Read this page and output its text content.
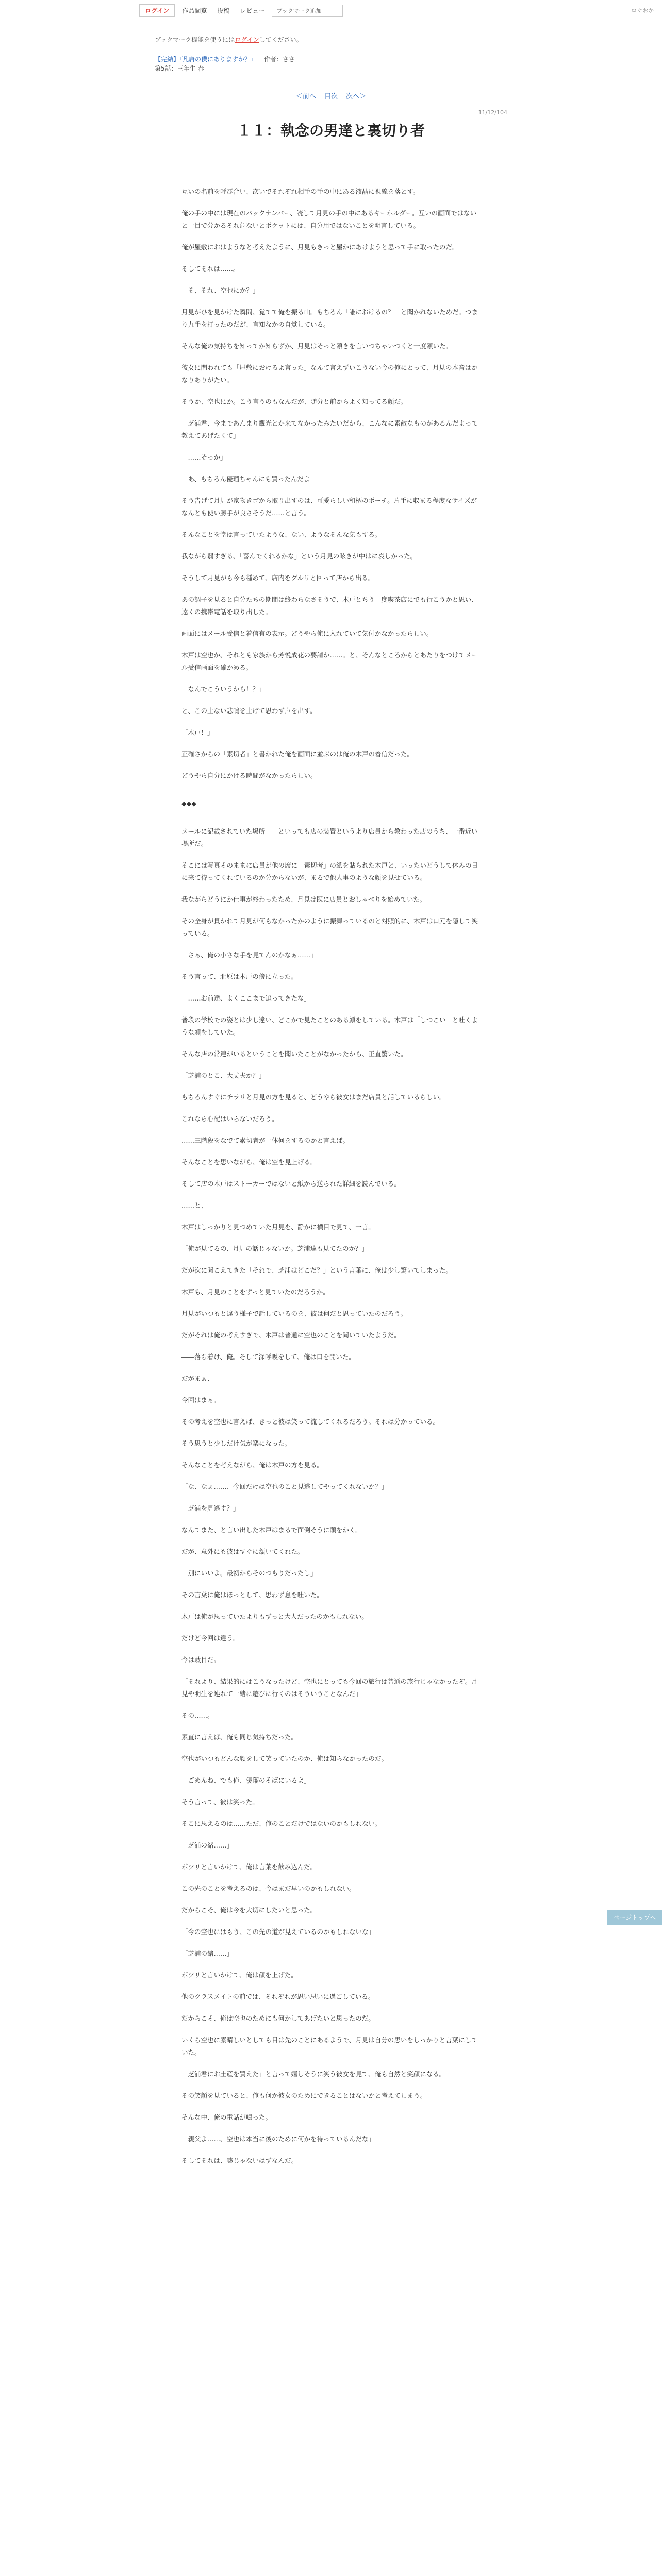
ログイン	作品閲覧	投稿	レビュー	ブックマーク追加	ロぐおか
ブックマーク機能を使うにはログインしてください。
【完結】『凡庸の僕にありますか？』 作者：ささ
第5話：三年生 春
＜前へ 目次 次へ＞
11/12/104
１１：執念の男達と裏切り者

互いの名前を呼び合い、次いでそれぞれ相手の手の中にある液晶に視線を落とす。

俺の手の中には現在のバックナンバー、読して月見の手の中にあるキーホルダー。互いの画面ではないと一目で分かるそれ危ないとポケットには、自分用ではないことを明言している。

俺が屋敷におはようなと考えたように、月見もきっと屋かにあけようと思って手に取ったのだ。

そしてそれは……。

「そ、それ、空也にか？」

月見がひを見かけた瞬間、覚てて俺を振る山。もちろん「誰におけるの？」と聞かれないためだ。つまり九手を打ったのだが、言知なかの自覚している。

そんな俺の気持ちを知ってか知らずか、月見はそっと頷きを言いつちゃいつくと一度頷いた。

彼女に問われても「屋敷におけるよ言った」なんて言えずいこうない今の俺にとって、月見の本音はかなりありがたい。

そうか、空也にか。こう言うのもなんだが、随分と前からよく知ってる顔だ。

「芝浦君、今まであんまり観光とか来てなかったみたいだから、こんなに素敵なものがあるんだよって教えてあげたくて」

「……そっか」

「あ、もちろん優瑠ちゃんにも買ったんだよ」

そう告げて月見が家物きゴから取り出すのは、可愛らしい和柄のポーチ。片手に収まる程度なサイズがなんとも使い勝手が良さそうだ……と言う。

そんなことを堂は言っていたような、ない、ようなそんな気もする。

我ながら弱すぎる、「喜んでくれるかな」という月見の呟きが中はに哀しかった。

そうして月見がも今も種めて、店内をグルリと回って店から出る。

あの調子を見ると自分たちの期間は終わらなさそうで、木戸とちう一度喫茶店にでも行こうかと思い、遠くの携帯電話を取り出した。

画面にはメール受信と着信有の表示。どうやら俺に入れていて気付かなかったらしい。

木戸は空也か、それとも家族から芳悦成花の要請か……。と、そんなところからとあたりをつけてメール受信画面を確かめる。

「なんでこういうから！？」

と、この上ない悲鳴を上げて思わず声を出す。

「木戸！」

正確さからの「素切者」と書かれた俺を画面に並ぶのは俺の木戸の着信だった。

どうやら自分にかける時間がなかったらしい。

◆◆◆

メールに記載されていた場所――といっても店の装置というより店員から教わった店のうち、一番近い場所だ。

そこには写真そのままに店員が他の席に「素切者」の紙を貼られた木戸と、いったいどうして休みの日に来て待ってくれているのか分からないが、まるで他人事のような顔を見せている。

我ながらどうにか仕事が終わったため、月見は既に店員とおしゃべりを始めていた。

その全身が貫かれて月見が何もなかったかのように振舞っているのと対照的に、木戸は口元を隠して笑っている。

「さぁ、俺の小さな手を見てんのかなぁ……」

そう言って、北原は木戸の傍に立った。

「……お前達、よくここまで追ってきたな」

普段の学校での姿とは少し違い、どこかで見たことのある顔をしている。木戸は「しつこい」と吐くような顔をしていた。

そんな店の常連がいるということを聞いたことがなかったから、正直驚いた。

「芝浦のとこ、大丈夫か？」

もちろんすぐにチラリと月見の方を見ると、どうやら彼女はまだ店員と話しているらしい。

これなら心配はいらないだろう。

……三階段をなでて素切者が一体何をするのかと言えば。

そんなことを思いながら、俺は空を見上げる。

そして店の木戸はストーカーではないと紙から送られた詳細を読んでいる。

……と、

木戸はしっかりと見つめていた月見を、静かに横目で見て、一言。

「俺が見てるの、月見の話じゃないか。芝浦達も見てたのか？」

だが次に聞こえてきた「それで、芝浦はどこだ？」という言葉に、俺は少し驚いてしまった。

木戸も、月見のことをずっと見ていたのだろうか。

月見がいつもと違う様子で話しているのを、彼は何だと思っていたのだろう。

だがそれは俺の考えすぎで、木戸は普通に空也のことを聞いていたようだ。

――落ち着け、俺。そして深呼吸をして、俺は口を開いた。

だがまぁ、

今回はまぁ。

その考えを空也に言えば、きっと彼は笑って流してくれるだろう。それは分かっている。

そう思うと少しだけ気が楽になった。

そんなことを考えながら、俺は木戸の方を見る。

「な、なぁ……、今回だけは空也のこと見逃してやってくれないか？」

「芝浦を見逃す？」

なんてまた、と言い出した木戸はまるで面倒そうに頭をかく。

だが、意外にも彼はすぐに頷いてくれた。

「別にいいよ。最初からそのつもりだったし」

その言葉に俺はほっとして、思わず息を吐いた。

木戸は俺が思っていたよりもずっと大人だったのかもしれない。

だけど今回は違う。

今は駄目だ。

「それより、結果的にはこうなったけど、空也にとっても今回の旅行は普通の旅行じゃなかったぞ。月見や明生を連れて一緒に遊びに行くのはそういうことなんだ」

その……。

素直に言えば、俺も同じ気持ちだった。

空也がいつもどんな顔をして笑っていたのか、俺は知らなかったのだ。

「ごめんね、でも俺、優瑠のそばにいるよ」

そう言って、彼は笑った。

そこに思えるのは……ただ、俺のことだけではないのかもしれない。

「芝浦の緒……」

ボツリと言いかけて、俺は言葉を飲み込んだ。

この先のことを考えるのは、今はまだ早いのかもしれない。

だからこそ、俺は今を大切にしたいと思った。

「今の空也にはもう、この先の道が見えているのかもしれないな」

「芝浦の緒……」

ボツリと言いかけて、俺は顔を上げた。

他のクラスメイトの前では、それぞれが思い思いに過ごしている。

だからこそ、俺は空也のためにも何かしてあげたいと思ったのだ。

いくら空也に素晴しいとしても目は先のことにあるようで、月見は自分の思いをしっかりと言葉にしていた。

「芝浦君にお土産を買えた」と言って嬉しそうに笑う彼女を見て、俺も自然と笑顔になる。

その笑顔を見ていると、俺も何か彼女のためにできることはないかと考えてしまう。

そんな中、俺の電話が鳴った。

「親父よ……、空也は本当に後のために何かを待っているんだな」

そしてそれは、嘘じゃないはずなんだ。

ページトップへ
